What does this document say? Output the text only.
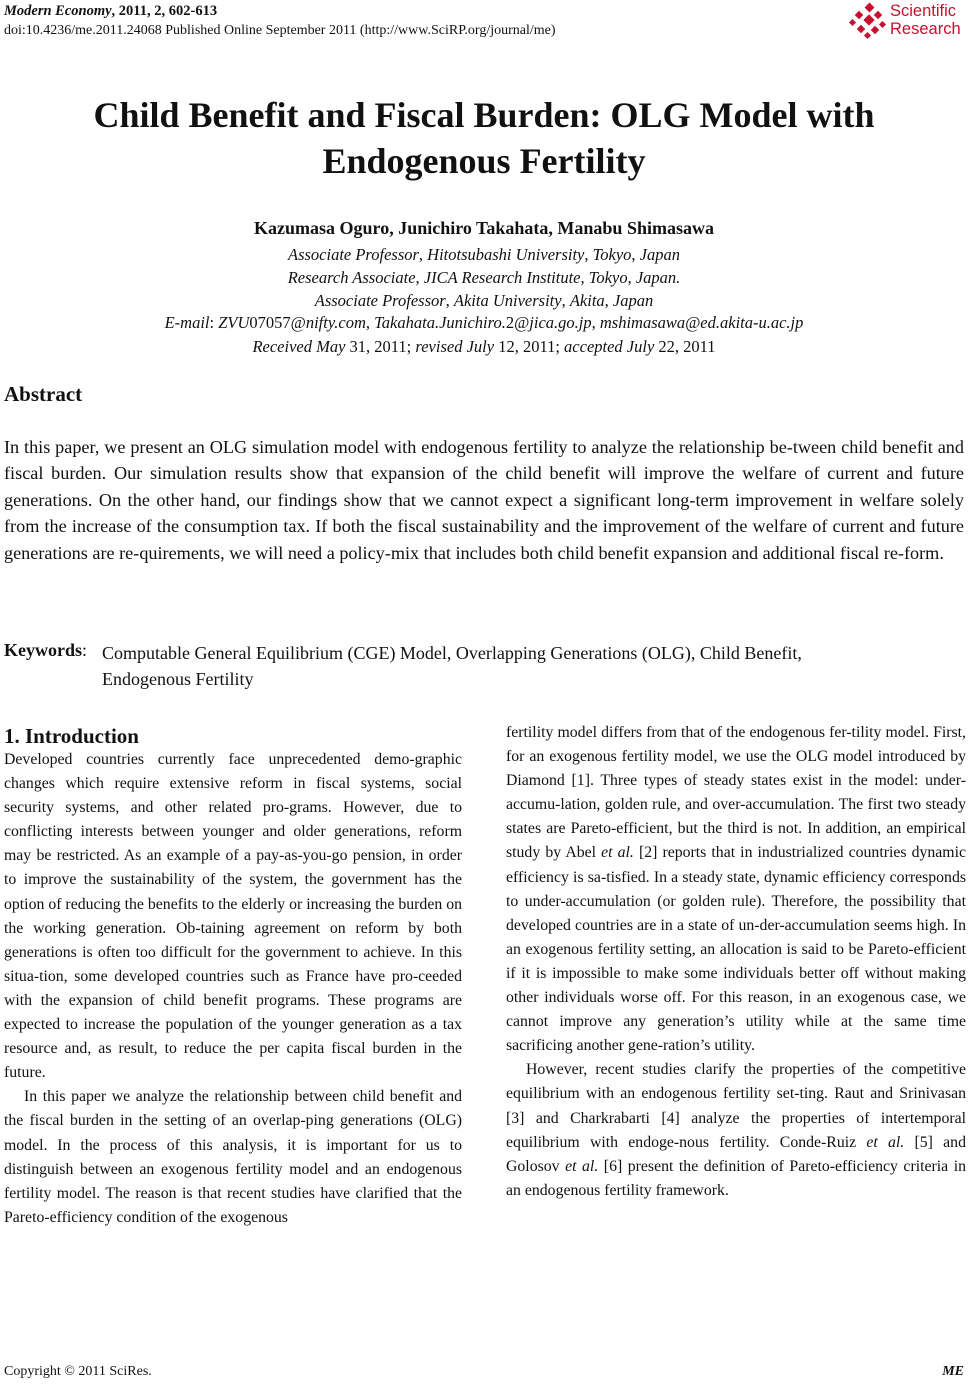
Modern Economy, 2011, 2, 602-613
doi:10.4236/me.2011.24068 Published Online September 2011 (http://www.SciRP.org/journal/me)
Scientific
Research
Child Benefit and Fiscal Burden: OLG Model with
Endogenous Fertility
Kazumasa Oguro, Junichiro Takahata, Manabu Shimasawa
Associate Professor, Hitotsubashi University, Tokyo, Japan
Research Associate, JICA Research Institute, Tokyo, Japan.
Associate Professor, Akita University, Akita, Japan
E-mail: ZVU07057@nifty.com, Takahata.Junichiro.2@jica.go.jp, mshimasawa@ed.akita-u.ac.jp
Received May 31, 2011; revised July 12, 2011; accepted July 22, 2011
Abstract
In this paper, we present an OLG simulation model with endogenous fertility to analyze the relationship be-tween child benefit and fiscal burden. Our simulation results show that expansion of the child benefit will improve the welfare of current and future generations. On the other hand, our findings show that we cannot expect a significant long-term improvement in welfare solely from the increase of the consumption tax. If both the fiscal sustainability and the improvement of the welfare of current and future generations are re-quirements, we will need a policy-mix that includes both child benefit expansion and additional fiscal re-form.
Keywords: Computable General Equilibrium (CGE) Model, Overlapping Generations (OLG), Child Benefit,
Endogenous Fertility
1. Introduction

Developed countries currently face unprecedented demo-graphic changes which require extensive reform in fiscal systems, social security systems, and other related pro-grams. However, due to conflicting interests between younger and older generations, reform may be restricted. As an example of a pay-as-you-go pension, in order to improve the sustainability of the system, the government has the option of reducing the benefits to the elderly or increasing the burden on the working generation. Ob-taining agreement on reform by both generations is often too difficult for the government to achieve. In this situa-tion, some developed countries such as France have pro-ceeded with the expansion of child benefit programs. These programs are expected to increase the population of the younger generation as a tax resource and, as result, to reduce the per capita fiscal burden in the future.

In this paper we analyze the relationship between child benefit and the fiscal burden in the setting of an overlap-ping generations (OLG) model. In the process of this analysis, it is important for us to distinguish between an exogenous fertility model and an endogenous fertility model. The reason is that recent studies have clarified that the Pareto-efficiency condition of the exogenous

fertility model differs from that of the endogenous fer-tility model. First, for an exogenous fertility model, we use the OLG model introduced by Diamond [1]. Three types of steady states exist in the model: under-accumu-lation, golden rule, and over-accumulation. The first two steady states are Pareto-efficient, but the third is not. In addition, an empirical study by Abel et al. [2] reports that in industrialized countries dynamic efficiency is sa-tisfied. In a steady state, dynamic efficiency corresponds to under-accumulation (or golden rule). Therefore, the possibility that developed countries are in a state of un-der-accumulation seems high. In an exogenous fertility setting, an allocation is said to be Pareto-efficient if it is impossible to make some individuals better off without making other individuals worse off. For this reason, in an exogenous case, we cannot improve any generation’s utility while at the same time sacrificing another gene-ration’s utility.

However, recent studies clarify the properties of the competitive equilibrium with an endogenous fertility set-ting. Raut and Srinivasan [3] and Charkrabarti [4] analyze the properties of intertemporal equilibrium with endoge-nous fertility. Conde-Ruiz et al. [5] and Golosov et al. [6] present the definition of Pareto-efficiency criteria in an endogenous fertility framework.

Copyright © 2011 SciRes.	ME
